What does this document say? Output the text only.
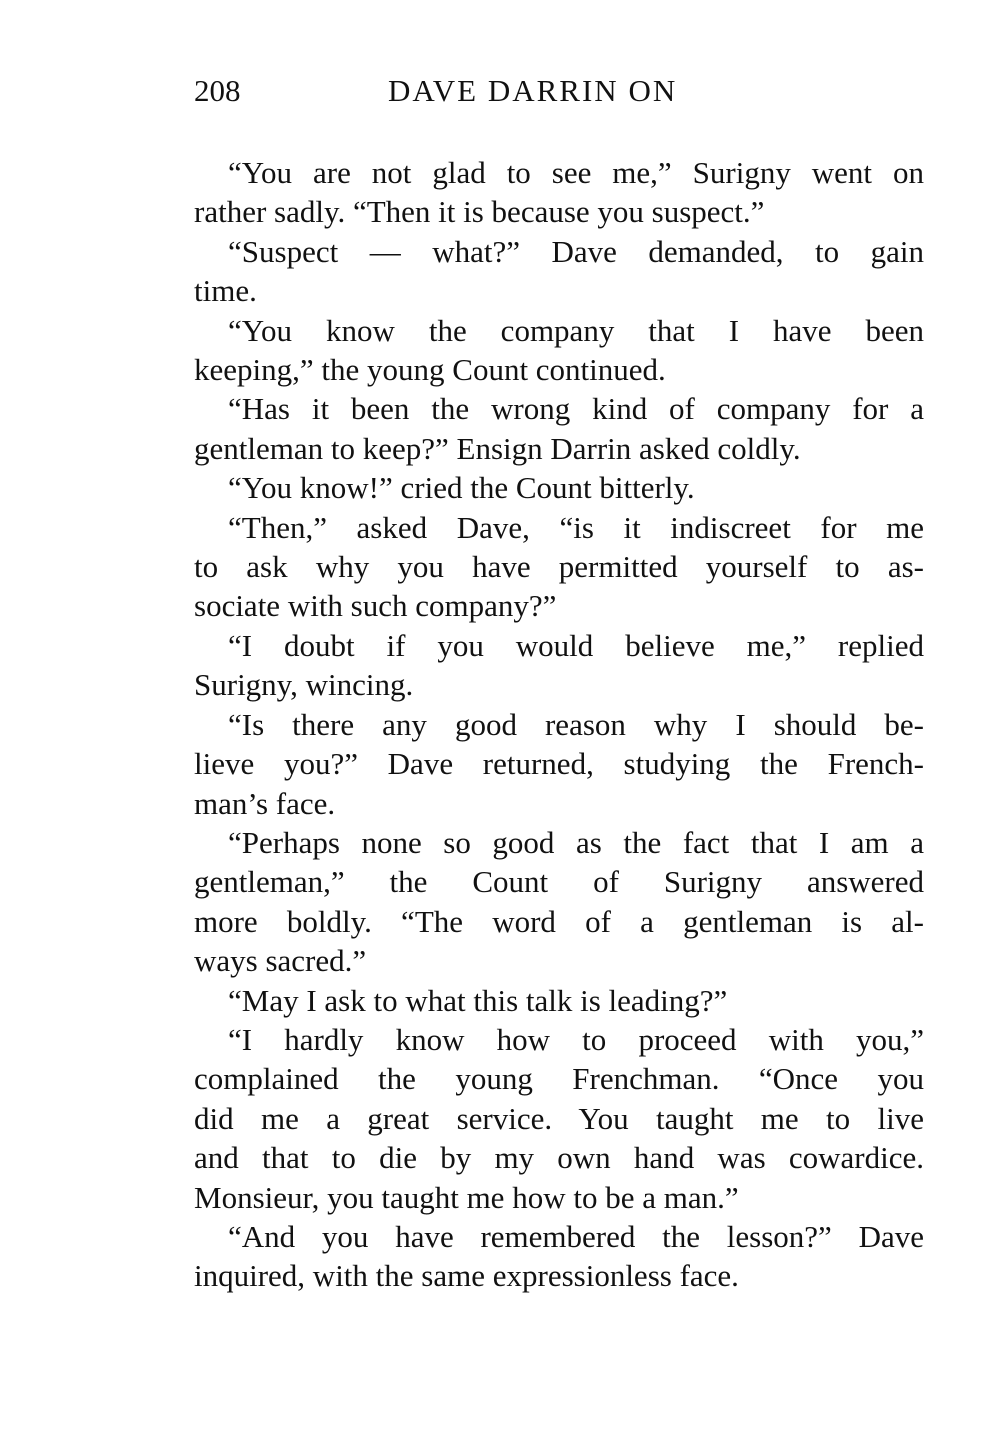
208	DAVE DARRIN ON

“You are not glad to see me,” Surigny went on
rather sadly. “Then it is because you suspect.”

“Suspect — what?” Dave demanded, to gain
time.

“You know the company that I have been
keeping,” the young Count continued.

“Has it been the wrong kind of company for a
gentleman to keep?” Ensign Darrin asked coldly.

“You know!” cried the Count bitterly.

“Then,” asked Dave, “is it indiscreet for me
to ask why you have permitted yourself to as-
sociate with such company?”

“I doubt if you would believe me,” replied
Surigny, wincing.

“Is there any good reason why I should be-
lieve you?” Dave returned, studying the French-
man’s face.

“Perhaps none so good as the fact that I am a
gentleman,” the Count of Surigny answered
more boldly. “The word of a gentleman is al-
ways sacred.”

“May I ask to what this talk is leading?”

“I hardly know how to proceed with you,”
complained the young Frenchman. “Once you
did me a great service. You taught me to live
and that to die by my own hand was cowardice.
Monsieur, you taught me how to be a man.”

“And you have remembered the lesson?” Dave
inquired, with the same expressionless face.
